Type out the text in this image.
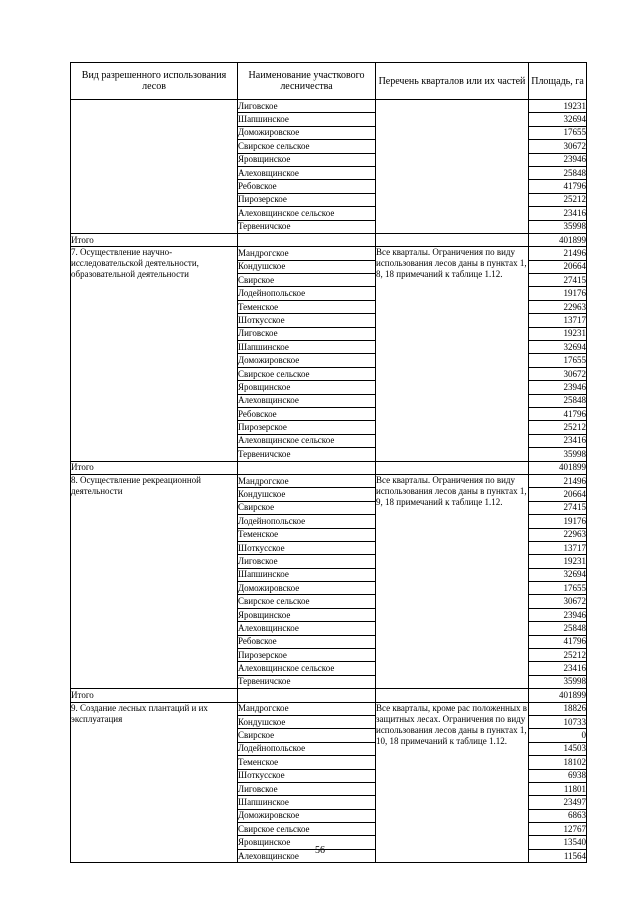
Вид разрешенного использования лесов	Наименование участкового лесничества	Перечень кварталов или их частей	Площадь, га
	Лиговское		19231
	Шапшинское		32694
	Доможировское		17655
	Свирское сельское		30672
	Яровщинское		23946
	Алеховщинское		25848
	Ребовское		41796
	Пирозерское		25212
	Алеховщинское сельское		23416
	Тервеничское		35998
Итого			401899
7. Осуществление научно-исследовательской деятельности, образовательной деятельности	Мандрогское	Все кварталы. Ограничения по виду использования лесов даны в пунктах 1, 8, 18 примечаний к таблице 1.12.	21496
	Кондушское		20664
	Свирское		27415
	Лодейнопольское		19176
	Теменское		22963
	Шоткусское		13717
	Лиговское		19231
	Шапшинское		32694
	Доможировское		17655
	Свирское сельское		30672
	Яровщинское		23946
	Алеховщинское		25848
	Ребовское		41796
	Пирозерское		25212
	Алеховщинское сельское		23416
	Тервеничское		35998
Итого			401899
8. Осуществление рекреационной деятельности	Мандрогское	Все кварталы. Ограничения по виду использования лесов даны в пунктах 1, 9, 18 примечаний к таблице 1.12.	21496
	Кондушское		20664
	Свирское		27415
	Лодейнопольское		19176
	Теменское		22963
	Шоткусское		13717
	Лиговское		19231
	Шапшинское		32694
	Доможировское		17655
	Свирское сельское		30672
	Яровщинское		23946
	Алеховщинское		25848
	Ребовское		41796
	Пирозерское		25212
	Алеховщинское сельское		23416
	Тервеничское		35998
Итого			401899
9. Создание лесных плантаций и их эксплуатация	Мандрогское	Все кварталы, кроме рас положенных в защитных лесах. Ограничения по виду использования лесов даны в пунктах 1, 10, 18 примечаний к таблице 1.12.	18826
	Кондушское		10733
	Свирское		0
	Лодейнопольское		14503
	Теменское		18102
	Шоткусское		6938
	Лиговское		11801
	Шапшинское		23497
	Доможировское		6863
	Свирское сельское		12767
	Яровщинское		13540
	Алеховщинское		11564
56
